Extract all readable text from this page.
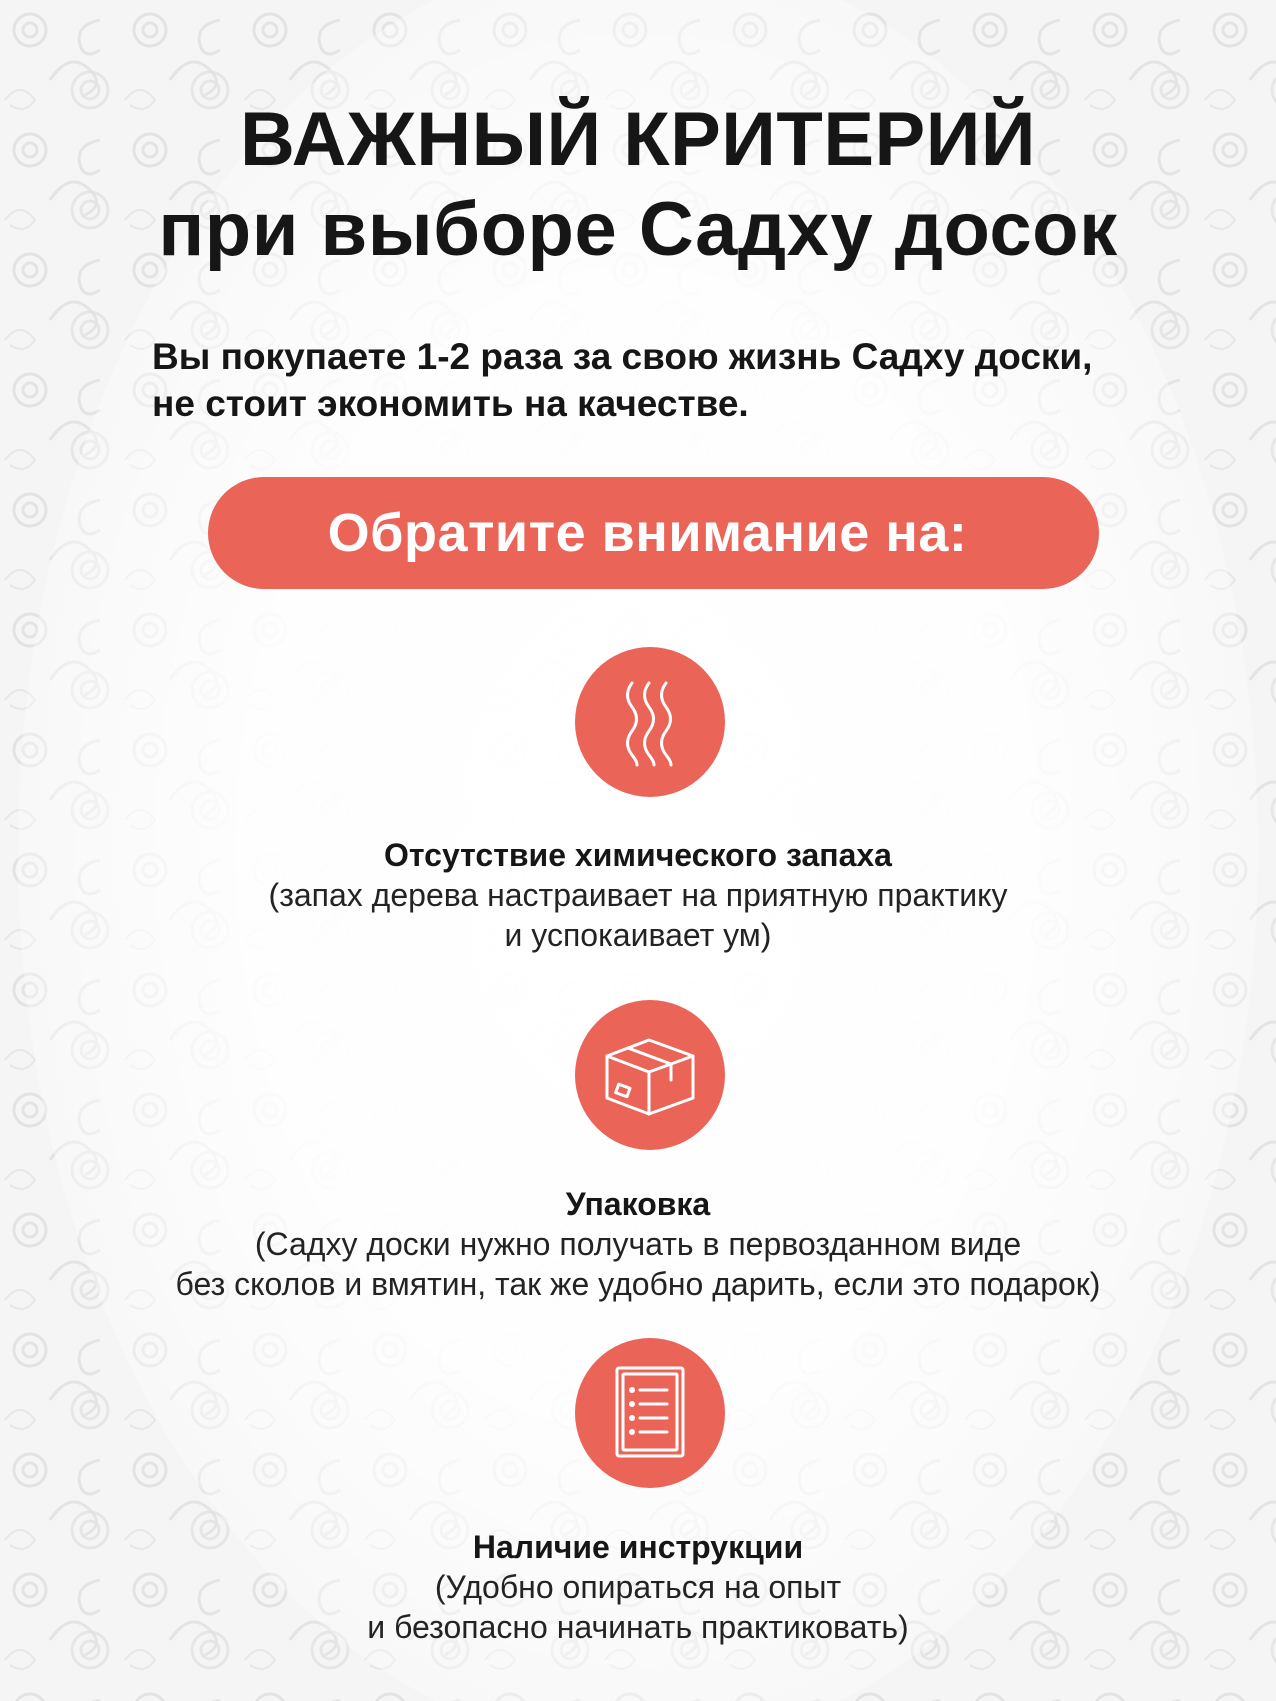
ВАЖНЫЙ КРИТЕРИЙ
при выборе Садху досок
Вы покупаете 1-2 раза за свою жизнь Садху доски,
не стоит экономить на качестве.
Обратите внимание на:
Отсутствие химического запаха
(запах дерева настраивает на приятную практику
и успокаивает ум)
Упаковка
(Садху доски нужно получать в первозданном виде
без сколов и вмятин, так же удобно дарить, если это подарок)
Наличие инструкции
(Удобно опираться на опыт
и безопасно начинать практиковать)
